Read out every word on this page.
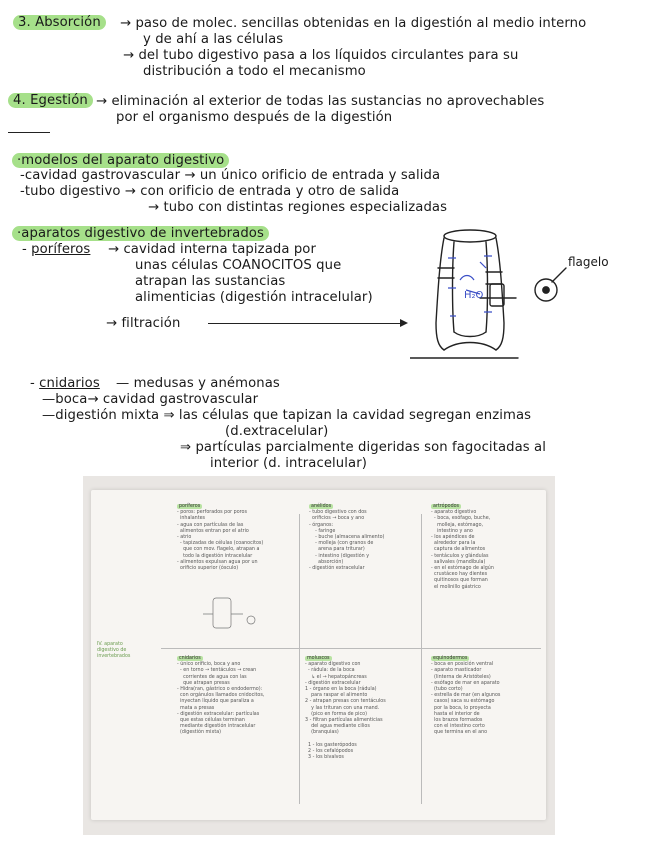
3. Absorción	→ paso de molec. sencillas obtenidas en la digestión al medio interno
y de ahí a las células
→ del tubo digestivo pasa a los líquidos circulantes para su
distribución a todo el mecanismo
4. Egestión → eliminación al exterior de todas las sustancias no aprovechables
por el organismo después de la digestión
·modelos del aparato digestivo
-cavidad gastrovascular → un único orificio de entrada y salida
-tubo digestivo → con orificio de entrada y otro de salida
→ tubo con distintas regiones especializadas
·aparatos digestivo de invertebrados
- poríferos → cavidad interna tapizada por
unas células COANOCITOS que
atrapan las sustancias
alimenticias (digestión intracelular)
→ filtración
H₂O
flagelo
- cnidarios — medusas y anémonas
—boca→ cavidad gastrovascular
—digestión mixta ⇒ las células que tapizan la cavidad segregan enzimas
(d.extracelular)
⇒ partículas parcialmente digeridas son fagocitadas al
interior (d. intracelular)
IV. aparato
digestivo de
invertebrados
poríferos
- poros: perforados por poros
inhalantes
- agua con partículas de las
alimentos entran por el atrio
- atrio
- tapizadas de células (coanocitos)
que con mov. flagelo, atrapan a
todo la digestión intracelular
- alimentos expulsan agua por un
orificio superior (ósculo)
anélidos
- tubo digestivo con dos
orificios → boca y ano
- órganos:
- faringe
- buche (almacena alimento)
- molleja (con granos de
arena para triturar)
- intestino (digestión y
absorción)
- digestión extracelular
artrópodos
- aparato digestivo
- boca, esófago, buche,
molleja, estómago,
intestino y ano
- los apéndices de
alrededor para la
captura de alimentos
- tentáculos y glándulas
salivales (mandíbula)
- en el estómago de algún
crustáceo hay dientes
quitinosos que forman
el molinillo gástrico
cnidarios
- único orificio, boca y ano
- en torno → tentáculos → crean
corrientes de agua con las
que atrapan presas
- Hidra(ran, gástrico o endodermo):
con orgánulos llamados cnidocitos,
inyectan líquido que paraliza a
mata a presas
- digestión extracelular: partículas
que estas células terminan
mediante digestión intracelular
(digestión mixta)
moluscos
- aparato digestivo con
- rádula: de la boca
↳ el → hepatopáncreas
- digestión extracelular
1 - órgano en la boca (rádula)
para raspar el alimento
2 - atrapan presas con tentáculos
y las trituran con una mand.
(pico en forma de pico)
3 - filtran partículas alimenticias
del agua mediante cilios
(branquias)

1 - los gasterópodos
2 - los cefalópodos
3 - los bivalvos
equinodermos
- boca en posición ventral
- aparato masticador
(linterna de Aristóteles)
- esófago de mar en aparato
(tubo corto)
- estrella de mar (en algunos
casos) saca su estómago
por la boca, lo proyecta
hasta el interior de
los brazos formados
con el intestino corto
que termina en el ano
